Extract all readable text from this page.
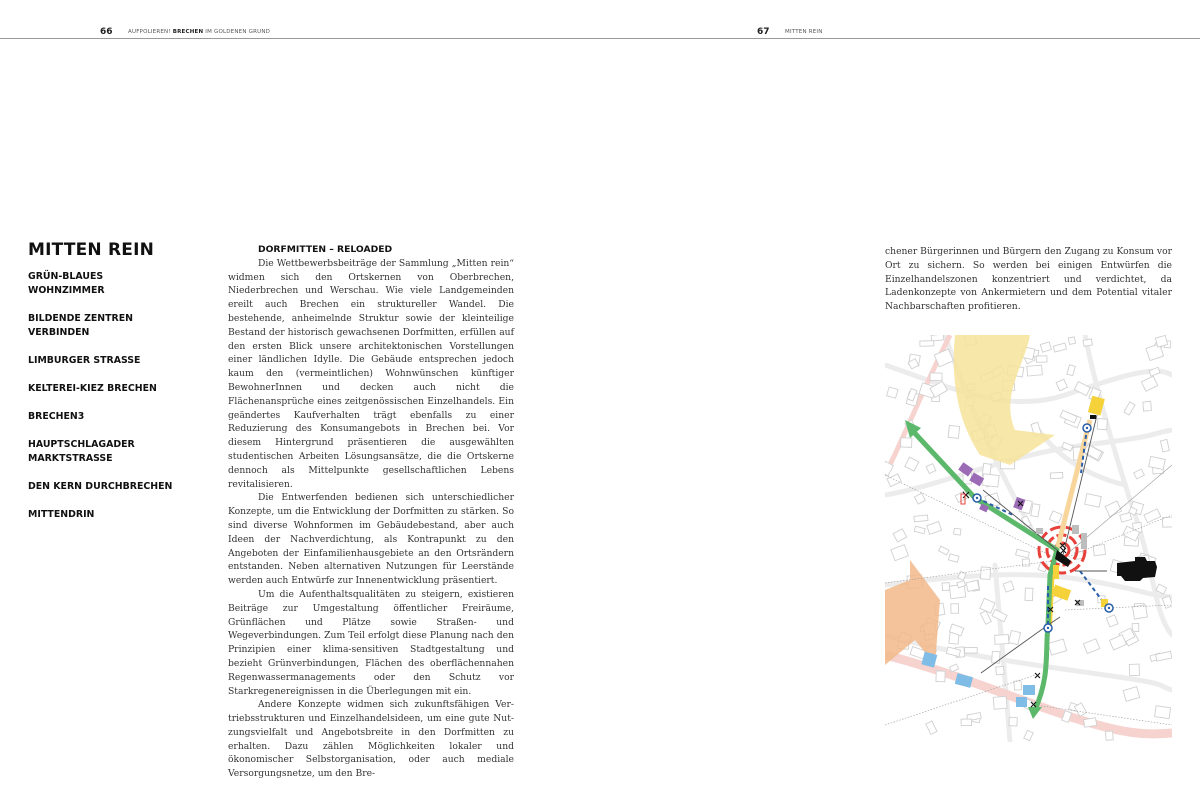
66	AUFPOLIEREN! BRECHEN IM GOLDENEN GRUND	67	MITTEN REIN
MITTEN REIN
GRÜN-BLAUES WOHNZIMMER
BILDENDE ZENTREN VERBINDEN
LIMBURGER STRASSE
KELTEREI-KIEZ BRECHEN
BRECHEN3
HAUPTSCHLAGADER MARKTSTRASSE
DEN KERN DURCHBRECHEN
MITTENDRIN
DORFMITTEN – RELOADED

Die Wettbewerbsbeiträge der Sammlung „Mitten rein“ widmen sich den Ortskernen von Oberbrechen, Niederbrechen und Werschau. Wie viele Landgemeinden ereilt auch Brechen ein struktureller Wandel. Die bestehende, anheimelnde Struktur sowie der kleinteilige Bestand der historisch gewachsenen Dorfmitten, erfüllen auf den ersten Blick unsere architektonischen Vorstellungen einer ländlichen Idylle. Die Gebäude entsprechen jedoch kaum den (vermeintlichen) Wohnwünschen künftiger BewohnerInnen und decken auch nicht die Flächenansprüche eines zeitgenössischen Einzelhandels. Ein geändertes Kaufverhalten trägt ebenfalls zu einer Reduzierung des Konsumangebots in Brechen bei. Vor diesem Hintergrund präsentieren die ausgewählten studentischen Arbeiten Lösungsansätze, die die Ortskerne dennoch als Mittelpunkte gesellschaftlichen Lebens revitalisieren.

Die Entwerfenden bedienen sich unterschiedlicher Konzepte, um die Entwicklung der Dorfmitten zu stärken. So sind diverse Wohnformen im Gebäudebestand, aber auch Ideen der Nachverdichtung, als Kontrapunkt zu den Angeboten der Einfamilienhausgebiete an den Ortsrändern entstanden. Neben alternativen Nutzungen für Leerstände werden auch Entwürfe zur Innenentwicklung präsentiert.

Um die Aufenthaltsqualitäten zu steigern, existieren Beiträge zur Umgestaltung öffentlicher Freiräume, Grünflächen und Plätze sowie Straßen- und Wegeverbindungen. Zum Teil erfolgt diese Planung nach den Prinzipien einer klima-sensitiven Stadtgestaltung und bezieht Grünverbindungen, Flächen des oberflächennahen Regenwassermanagements oder den Schutz vor Starkregenereignissen in die Überlegungen mit ein.

Andere Konzepte widmen sich zukunftsfähigen Vertriebsstrukturen und Einzelhandelsideen, um eine gute Nutzungsvielfalt und Angebotsbreite in den Dorfmitten zu erhalten. Dazu zählen Möglichkeiten lokaler und ökonomischer Selbstorganisation, oder auch mediale Versorgungsnetze, um den Bre-

chener Bürgerinnen und Bürgern den Zugang zu Konsum vor Ort zu sichern. So werden bei einigen Entwürfen die Einzelhandelszonen konzentriert und verdichtet, da Ladenkonzepte von Ankermietern und dem Potential vitaler Nachbarschaften profitieren.
